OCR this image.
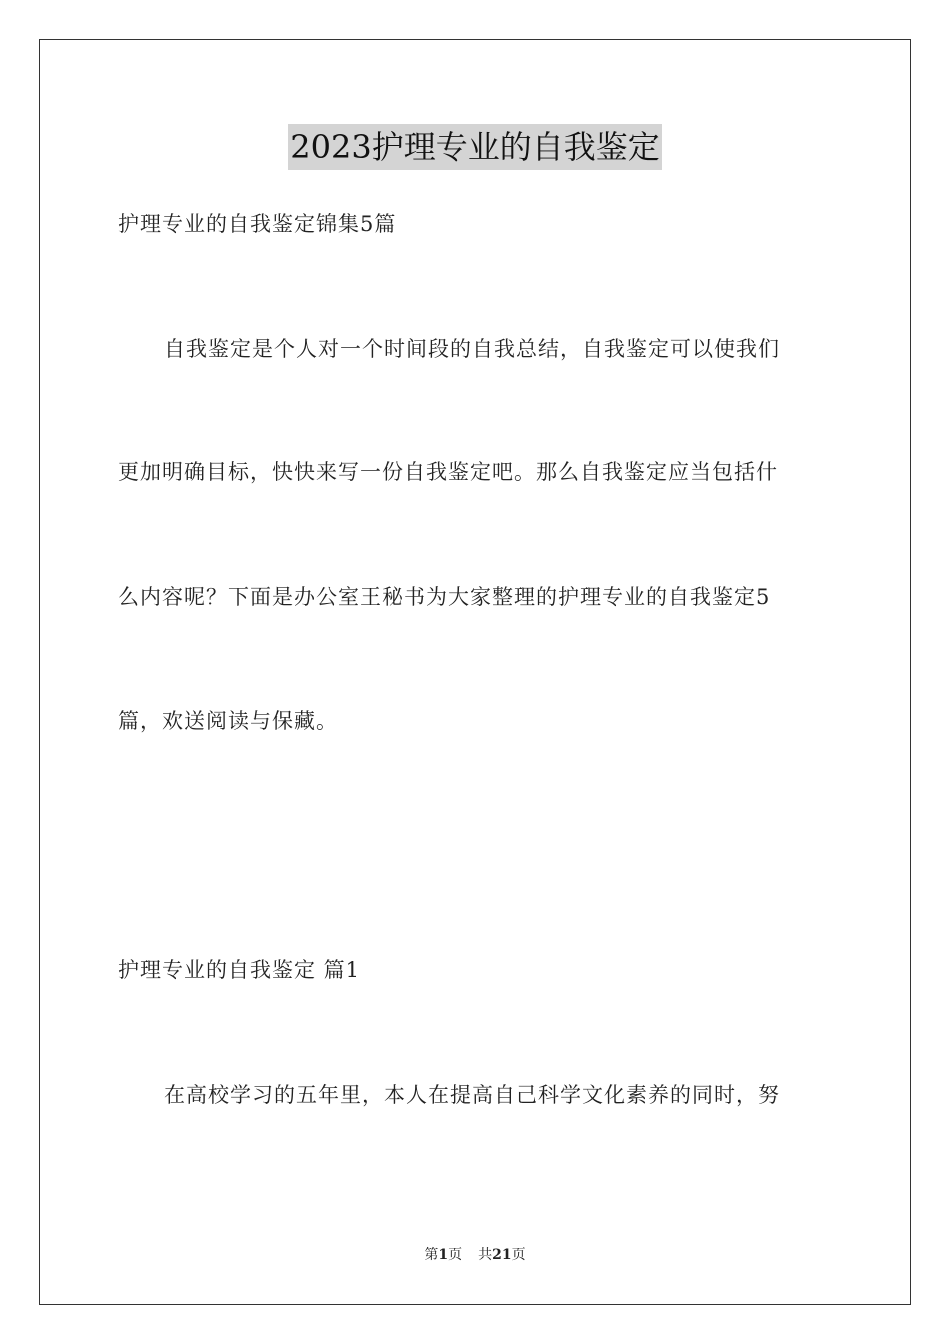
2023护理专业的自我鉴定
护理专业的自我鉴定锦集5篇
自我鉴定是个人对一个时间段的自我总结，自我鉴定可以使我们
更加明确目标，快快来写一份自我鉴定吧。那么自我鉴定应当包括什
么内容呢？下面是办公室王秘书为大家整理的护理专业的自我鉴定5
篇，欢送阅读与保藏。
护理专业的自我鉴定 篇1
在高校学习的五年里，本人在提高自己科学文化素养的同时，努
第1页 共21页
